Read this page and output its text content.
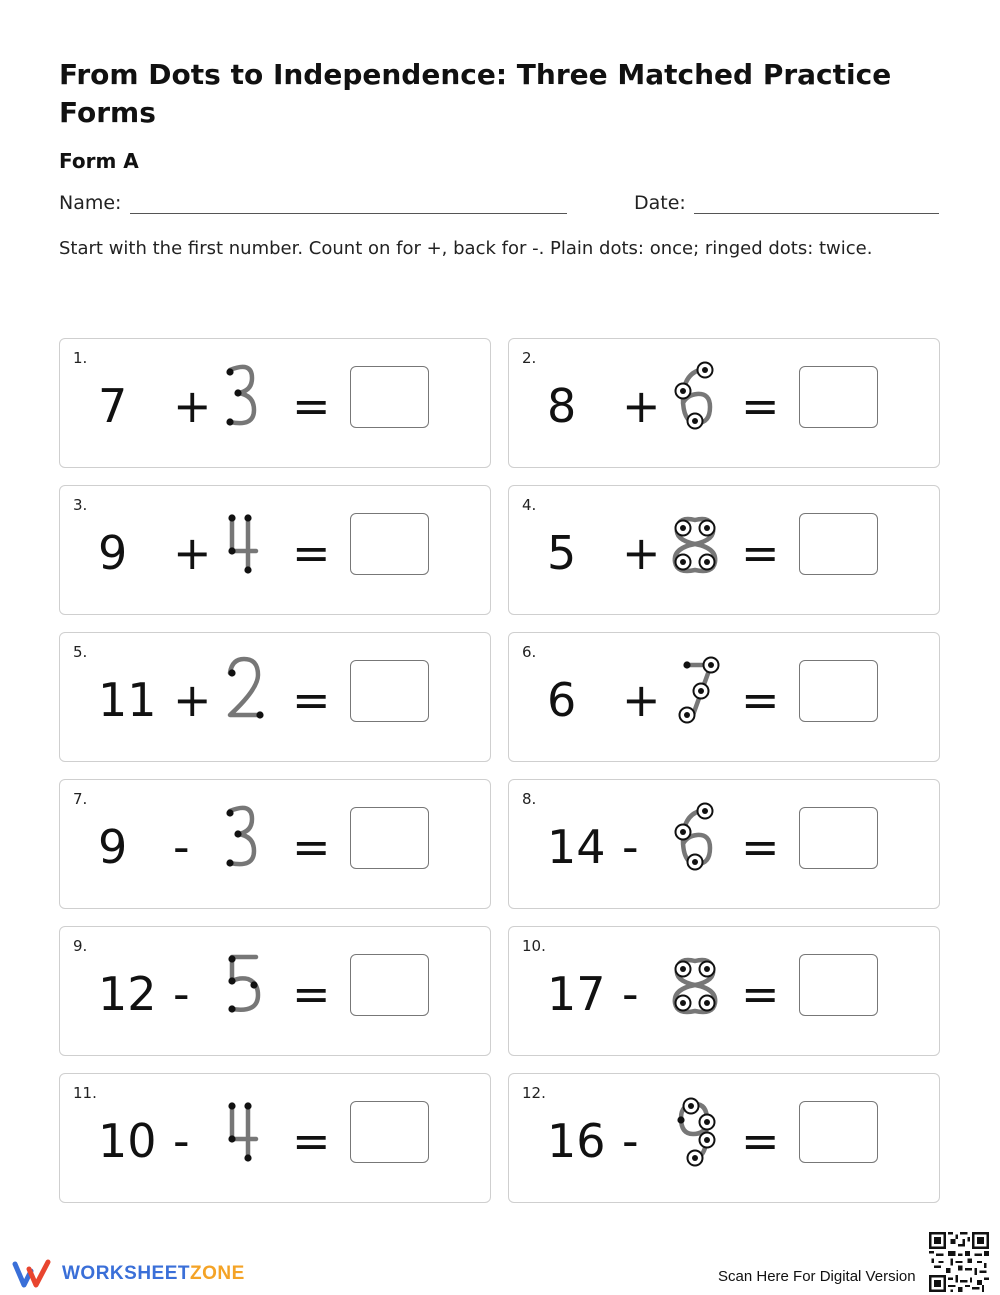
From Dots to Independence: Three Matched Practice Forms
Form A
Name:	Date:

Start with the first number. Count on for +, back for -. Plain dots: once; ringed dots: twice.

1.
7 + =
2.
8 + =
3.
9 + =
4.
5 + =
5.
11 + =
6.
6 + =
7.
9 - =
8.
14 - =
9.
12 - =
10.
17 - =
11.
10 - =
12.
16 - =
WORKSHEETZONE	Scan Here For Digital Version
